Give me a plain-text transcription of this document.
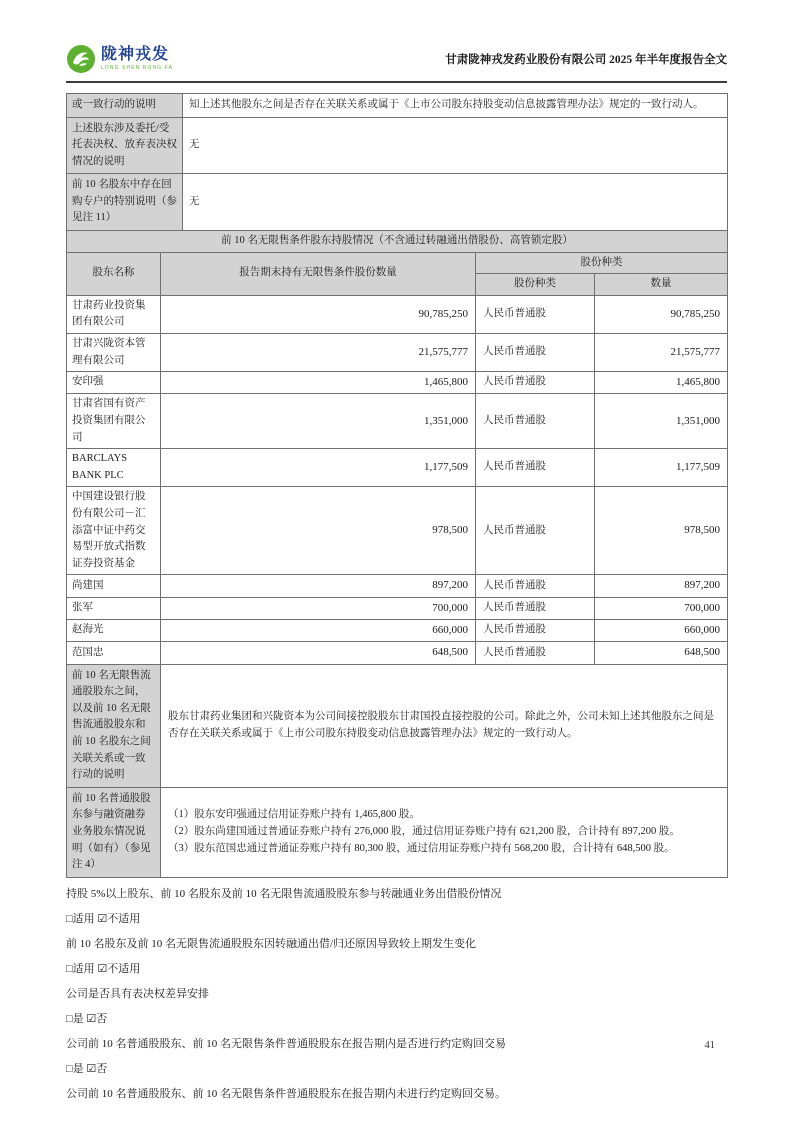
陇神戎发
LONG SHEN RONG FA
甘肃陇神戎发药业股份有限公司 2025 年半年度报告全文
或一致行动的说明	知上述其他股东之间是否存在关联关系或属于《上市公司股东持股变动信息披露管理办法》规定的一致行动人。
上述股东涉及委托/受托表决权、放弃表决权情况的说明	无
前 10 名股东中存在回购专户的特别说明（参见注 11）	无
前 10 名无限售条件股东持股情况（不含通过转融通出借股份、高管锁定股）			
股东名称	报告期末持有无限售条件股份数量	股份种类	
		股份种类	数量
甘肃药业投资集团有限公司	90,785,250	人民币普通股	90,785,250
甘肃兴陇资本管理有限公司	21,575,777	人民币普通股	21,575,777
安印强	1,465,800	人民币普通股	1,465,800
甘肃省国有资产投资集团有限公司	1,351,000	人民币普通股	1,351,000
BARCLAYS BANK PLC	1,177,509	人民币普通股	1,177,509
中国建设银行股份有限公司－汇添富中证中药交易型开放式指数证券投资基金	978,500	人民币普通股	978,500
尚建国	897,200	人民币普通股	897,200
张军	700,000	人民币普通股	700,000
赵海光	660,000	人民币普通股	660,000
范国忠	648,500	人民币普通股	648,500
前 10 名无限售流通股股东之间，以及前 10 名无限售流通股股东和前 10 名股东之间关联关系或一致行动的说明	股东甘肃药业集团和兴陇资本为公司间接控股股东甘肃国投直接控股的公司。除此之外，公司未知上述其他股东之间是否存在关联关系或属于《上市公司股东持股变动信息披露管理办法》规定的一致行动人。		

前 10 名普通股股东参与融资融券业务股东情况说明（如有）（参见注 4）	（1）股东安印强通过信用证券账户持有 1,465,800 股。
（2）股东尚建国通过普通证券账户持有 276,000 股，通过信用证券账户持有 621,200 股，合计持有 897,200 股。
（3）股东范国忠通过普通证券账户持有 80,300 股，通过信用证券账户持有 568,200 股，合计持有 648,500 股。		

持股 5%以上股东、前 10 名股东及前 10 名无限售流通股股东参与转融通业务出借股份情况

□适用 ☑不适用

前 10 名股东及前 10 名无限售流通股股东因转融通出借/归还原因导致较上期发生变化

□适用 ☑不适用

公司是否具有表决权差异安排

□是 ☑否

公司前 10 名普通股股东、前 10 名无限售条件普通股股东在报告期内是否进行约定购回交易

□是 ☑否

公司前 10 名普通股股东、前 10 名无限售条件普通股股东在报告期内未进行约定购回交易。

41
